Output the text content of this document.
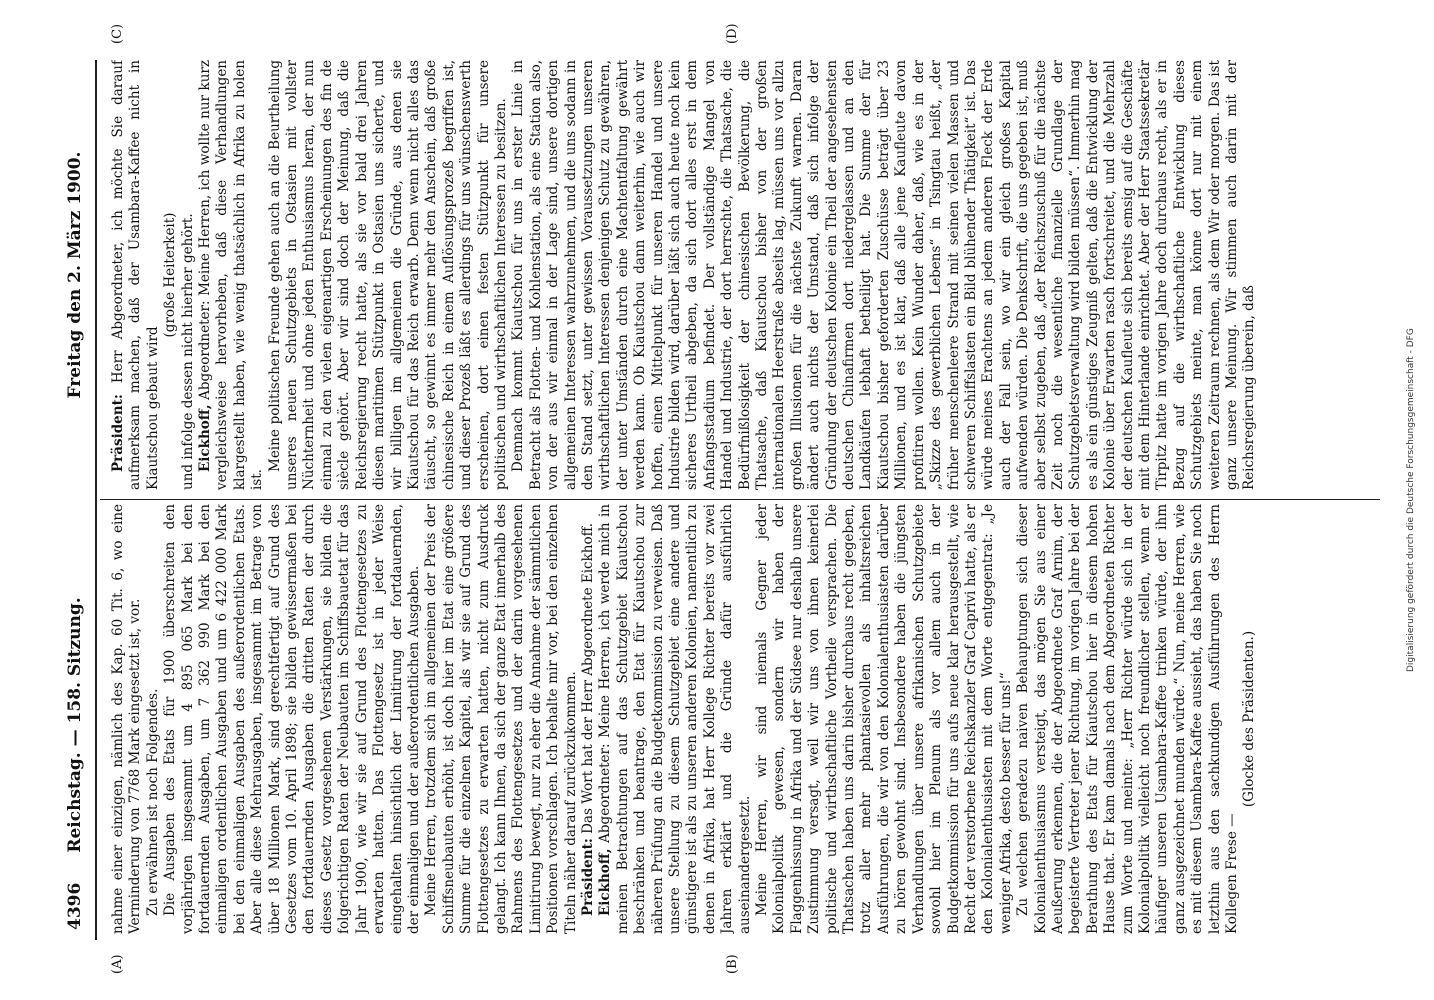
4396
Reichstag. — 158. Sitzung.
Freitag den 2. März 1900.
(A)	(B)
(C)	(D)

nahme einer einzigen, nämlich des Kap. 60 Tit. 6, wo eine Verminderung von 7768 Mark eingesetzt ist, vor. Zu erwähnen ist noch Folgendes. Die Ausgaben des Etats für 1900 überschreiten den vorjährigen insgesammt um 4 895 065 Mark bei den fortdauernden Ausgaben, um 7 362 990 Mark bei den einmaligen ordentlichen Ausgaben und um 6 422 000 Mark bei den einmaligen Ausgaben des außerordentlichen Etats. Aber alle diese Mehrausgaben, insgesammt im Betrage von über 18 Millionen Mark, sind gerechtfertigt auf Grund des Gesetzes vom 10. April 1898; sie bilden gewissermaßen bei den fortdauernden Ausgaben die dritten Raten der durch dieses Gesetz vorgesehenen Verstärkungen, sie bilden die folgerichtigen Raten der Neubauten im Schiffsbauetat für das Jahr 1900, wie wir sie auf Grund des Flottengesetzes zu erwarten hatten. Das Flottengesetz ist in jeder Weise eingehalten hinsichtlich der Limitirung der fortdauernden, der einmaligen und der außerordentlichen Ausgaben. Meine Herren, trotzdem sich im allgemeinen der Preis der Schiffsneubauten erhöht, ist doch hier im Etat eine größere Summe für die einzelnen Kapitel, als wir sie auf Grund des Flottengesetzes zu erwarten hatten, nicht zum Ausdruck gelangt. Ich kann Ihnen, da sich der ganze Etat innerhalb des Rahmens des Flottengesetzes und der darin vorgesehenen Limitirung bewegt, nur zu eher die Annahme der sämmtlichen Positionen vorschlagen. Ich behalte mir vor, bei den einzelnen Titeln näher darauf zurückzukommen. Präsident: Das Wort hat der Herr Abgeordnete Eickhoff.

Eickhoff, Abgeordneter: Meine Herren, ich werde mich in meinen Betrachtungen auf das Schutzgebiet Kiautschou beschränken und beantrage, den Etat für Kiautschou zur näheren Prüfung an die Budgetkommission zu verweisen. Daß unsere Stellung zu diesem Schutzgebiet eine andere und günstigere ist als zu unseren anderen Kolonien, namentlich zu denen in Afrika, hat Herr Kollege Richter bereits vor zwei Jahren erklärt und die Gründe dafür ausführlich auseinandergesetzt. Meine Herren, wir sind niemals Gegner jeder Kolonialpolitik gewesen, sondern wir haben der Flaggenhissung in Afrika und der Südsee nur deshalb unsere Zustimmung versagt, weil wir uns von ihnen keinerlei politische und wirthschaftliche Vortheile versprachen. Die Thatsachen haben uns darin bisher durchaus recht gegeben, trotz aller mehr phantasievollen als inhaltsreichen Ausführungen, die wir von den Kolonialenthusiasten darüber zu hören gewohnt sind. Insbesondere haben die jüngsten Verhandlungen über unsere afrikanischen Schutzgebiete sowohl hier im Plenum als vor allem auch in der Budgetkommission für uns aufs neue klar herausgestellt, wie Recht der verstorbene Reichskanzler Graf Caprivi hatte, als er den Kolonialenthusiasten mit dem Worte entgegentrat: „Je weniger Afrika, desto besser für uns!“ Zu welchen geradezu naiven Behauptungen sich dieser Kolonialenthusiasmus versteigt, das mögen Sie aus einer Aeußerung erkennen, die der Abgeordnete Graf Arnim, der begeisterte Vertreter jener Richtung, im vorigen Jahre bei der Berathung des Etats für Kiautschou hier in diesem hohen Hause that. Er kam damals nach dem Abgeordneten Richter zum Worte und meinte: „Herr Richter würde sich in der Kolonialpolitik vielleicht noch freundlicher stellen, wenn er häufiger unseren Usambara-Kaffee trinken würde, der ihm ganz ausgezeichnet munden würde.“ Nun, meine Herren, wie es mit diesem Usambara-Kaffee aussieht, das haben Sie noch letzthin aus den sachkundigen Ausführungen des Herrn Kollegen Frese —

(Glocke des Präsidenten.)

Präsident: Herr Abgeordneter, ich möchte Sie darauf aufmerksam machen, daß der Usambara-Kaffee nicht in Kiautschou gebaut wird

(große Heiterkeit) und infolge dessen nicht hierher gehört. Eickhoff, Abgeordneter: Meine Herren, ich wollte nur kurz vergleichsweise hervorheben, daß diese Verhandlungen klargestellt haben, wie wenig thatsächlich in Afrika zu holen ist.

Meine politischen Freunde gehen auch an die Beurtheilung unseres neuen Schutzgebiets in Ostasien mit vollster Nüchternheit und ohne jeden Enthusiasmus heran, der nun einmal zu den vielen eigenartigen Erscheinungen des fin de siècle gehört. Aber wir sind doch der Meinung, daß die Reichsregierung recht hatte, als sie vor bald drei Jahren diesen maritimen Stützpunkt in Ostasien uns sicherte, und wir billigen im allgemeinen die Gründe, aus denen sie Kiautschou für das Reich erwarb. Denn wenn nicht alles das täuscht, so gewinnt es immer mehr den Anschein, daß große chinesische Reich in einem Auflösungsprozeß begriffen ist, und dieser Prozeß läßt es allerdings für uns wünschenswerth erscheinen, dort einen festen Stützpunkt für unsere politischen und wirthschaftlichen Interessen zu besitzen. Demnach kommt Kiautschou für uns in erster Linie in Betracht als Flotten- und Kohlenstation, als eine Station also, von der aus wir einmal in der Lage sind, unsere dortigen allgemeinen Interessen wahrzunehmen, und die uns sodann in den Stand setzt, unter gewissen Voraussetzungen unseren wirthschaftlichen Interessen denjenigen Schutz zu gewähren, der unter Umständen durch eine Machtentfaltung gewährt werden kann. Ob Kiautschou dann weiterhin, wie auch wir hoffen, einen Mittelpunkt für unseren Handel und unsere Industrie bilden wird, darüber läßt sich auch heute noch kein sicheres Urtheil abgeben, da sich dort alles erst in dem Anfangsstadium befindet. Der vollständige Mangel von Handel und Industrie, der dort herrschte, die Thatsache, die Bedürfnißlosigkeit der chinesischen Bevölkerung, die Thatsache, daß Kiautschou bisher von der großen internationalen Heerstraße abseits lag, müssen uns vor allzu großen Illusionen für die nächste Zukunft warnen. Daran ändert auch nichts der Umstand, daß sich infolge der Gründung der deutschen Kolonie ein Theil der angesehensten deutschen Chinafirmen dort niedergelassen und an den Landkäufen lebhaft betheiligt hat. Die Summe der für Kiautschou bisher geforderten Zuschüsse beträgt über 23 Millionen, und es ist klar, daß alle jene Kaufleute davon profitiren wollen. Kein Wunder daher, daß, wie es in der „Skizze des gewerblichen Lebens“ in Tsingtau heißt, „der früher menschenleere Strand mit seinen vielen Massen und schweren Schiffslasten ein Bild blühender Thätigkeit“ ist. Das würde meines Erachtens an jedem anderen Fleck der Erde auch der Fall sein, wo wir ein gleich großes Kapital aufwenden würden. Die Denkschrift, die uns gegeben ist, muß aber selbst zugeben, daß „der Reichszuschuß für die nächste Zeit noch die wesentliche finanzielle Grundlage der Schutzgebietsverwaltung wird bilden müssen“. Immerhin mag es als ein günstiges Zeugniß gelten, daß die Entwicklung der Kolonie über Erwarten rasch fortschreitet, und die Mehrzahl der deutschen Kaufleute sich bereits emsig auf die Geschäfte mit dem Hinterlande einrichtet. Aber der Herr Staatssekretär Tirpitz hatte im vorigen Jahre doch durchaus recht, als er in Bezug auf die wirthschaftliche Entwicklung dieses Schutzgebiets meinte, man könne dort nur mit einem weiteren Zeitraum rechnen, als dem Wir oder morgen. Das ist ganz unsere Meinung. Wir stimmen auch darin mit der Reichsregierung überein, daß	Digitalisierung gefördert durch die Deutsche Forschungsgemeinschaft - DFG
